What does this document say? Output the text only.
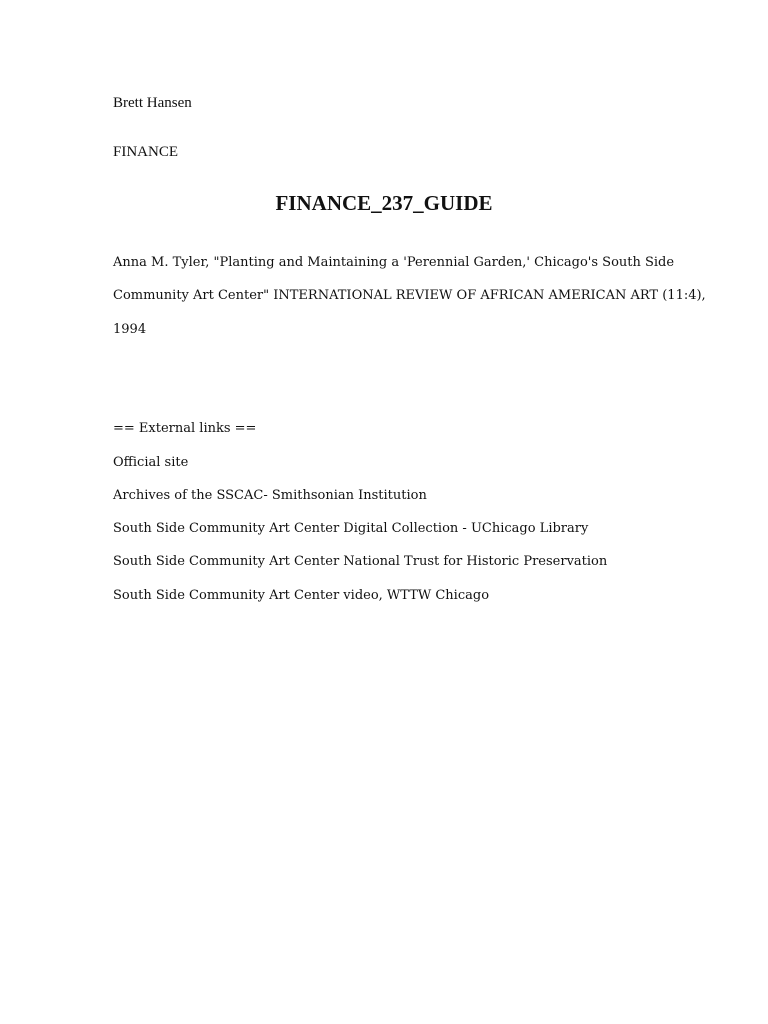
Brett Hansen
FINANCE
FINANCE_237_GUIDE
Anna M. Tyler, "Planting and Maintaining a 'Perennial Garden,' Chicago's South Side
Community Art Center" INTERNATIONAL REVIEW OF AFRICAN AMERICAN ART (11:4),
1994
== External links ==
Official site
Archives of the SSCAC- Smithsonian Institution
South Side Community Art Center Digital Collection - UChicago Library
South Side Community Art Center National Trust for Historic Preservation
South Side Community Art Center video, WTTW Chicago
